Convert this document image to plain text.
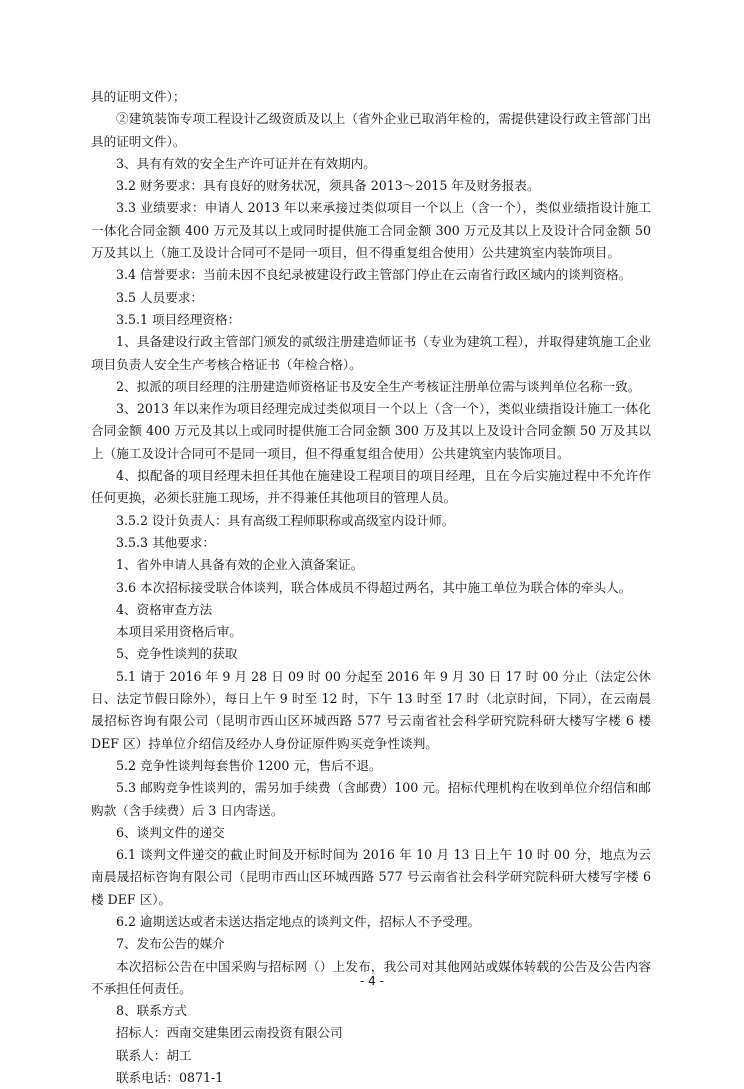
具的证明文件）；

②建筑装饰专项工程设计乙级资质及以上（省外企业已取消年检的，需提供建设行政主管部门出具的证明文件）。

3、具有有效的安全生产许可证并在有效期内。

3.2 财务要求：具有良好的财务状况，须具备 2013～2015 年及财务报表。

3.3 业绩要求：申请人 2013 年以来承接过类似项目一个以上（含一个），类似业绩指设计施工一体化合同金额 400 万元及其以上或同时提供施工合同金额 300 万元及其以上及设计合同金额 50 万及其以上（施工及设计合同可不是同一项目，但不得重复组合使用）公共建筑室内装饰项目。

3.4 信誉要求：当前未因不良纪录被建设行政主管部门停止在云南省行政区域内的谈判资格。

3.5 人员要求：

3.5.1 项目经理资格：

1、具备建设行政主管部门颁发的贰级注册建造师证书（专业为建筑工程），并取得建筑施工企业项目负责人安全生产考核合格证书（年检合格）。

2、拟派的项目经理的注册建造师资格证书及安全生产考核证注册单位需与谈判单位名称一致。

3、2013 年以来作为项目经理完成过类似项目一个以上（含一个），类似业绩指设计施工一体化合同金额 400 万元及其以上或同时提供施工合同金额 300 万及其以上及设计合同金额 50 万及其以上（施工及设计合同可不是同一项目，但不得重复组合使用）公共建筑室内装饰项目。

4、拟配备的项目经理未担任其他在施建设工程项目的项目经理，且在今后实施过程中不允许作任何更换，必须长驻施工现场，并不得兼任其他项目的管理人员。

3.5.2 设计负责人：具有高级工程师职称或高级室内设计师。

3.5.3 其他要求：

1、省外申请人具备有效的企业入滇备案证。

3.6 本次招标接受联合体谈判，联合体成员不得超过两名，其中施工单位为联合体的牵头人。

4、资格审查方法

本项目采用资格后审。

5、竞争性谈判的获取

5.1 请于 2016 年 9 月 28 日 09 时 00 分起至 2016 年 9 月 30 日 17 时 00 分止（法定公休日、法定节假日除外），每日上午 9 时至 12 时，下午 13 时至 17 时（北京时间，下同），在云南晨晟招标咨询有限公司（昆明市西山区环城西路 577 号云南省社会科学研究院科研大楼写字楼 6 楼 DEF 区）持单位介绍信及经办人身份证原件购买竞争性谈判。

5.2 竞争性谈判每套售价 1200 元，售后不退。

5.3 邮购竞争性谈判的，需另加手续费（含邮费）100 元。招标代理机构在收到单位介绍信和邮购款（含手续费）后 3 日内寄送。

6、谈判文件的递交

6.1 谈判文件递交的截止时间及开标时间为 2016 年 10 月 13 日上午 10 时 00 分，地点为云南晨晟招标咨询有限公司（昆明市西山区环城西路 577 号云南省社会科学研究院科研大楼写字楼 6 楼 DEF 区）。

6.2 逾期送达或者未送达指定地点的谈判文件，招标人不予受理。

7、发布公告的媒介

本次招标公告在中国采购与招标网（）上发布，我公司对其他网站或媒体转载的公告及公告内容不承担任何责任。

8、联系方式

招标人：西南交建集团云南投资有限公司

联系人：胡工

联系电话：0871-1

- 4 -
